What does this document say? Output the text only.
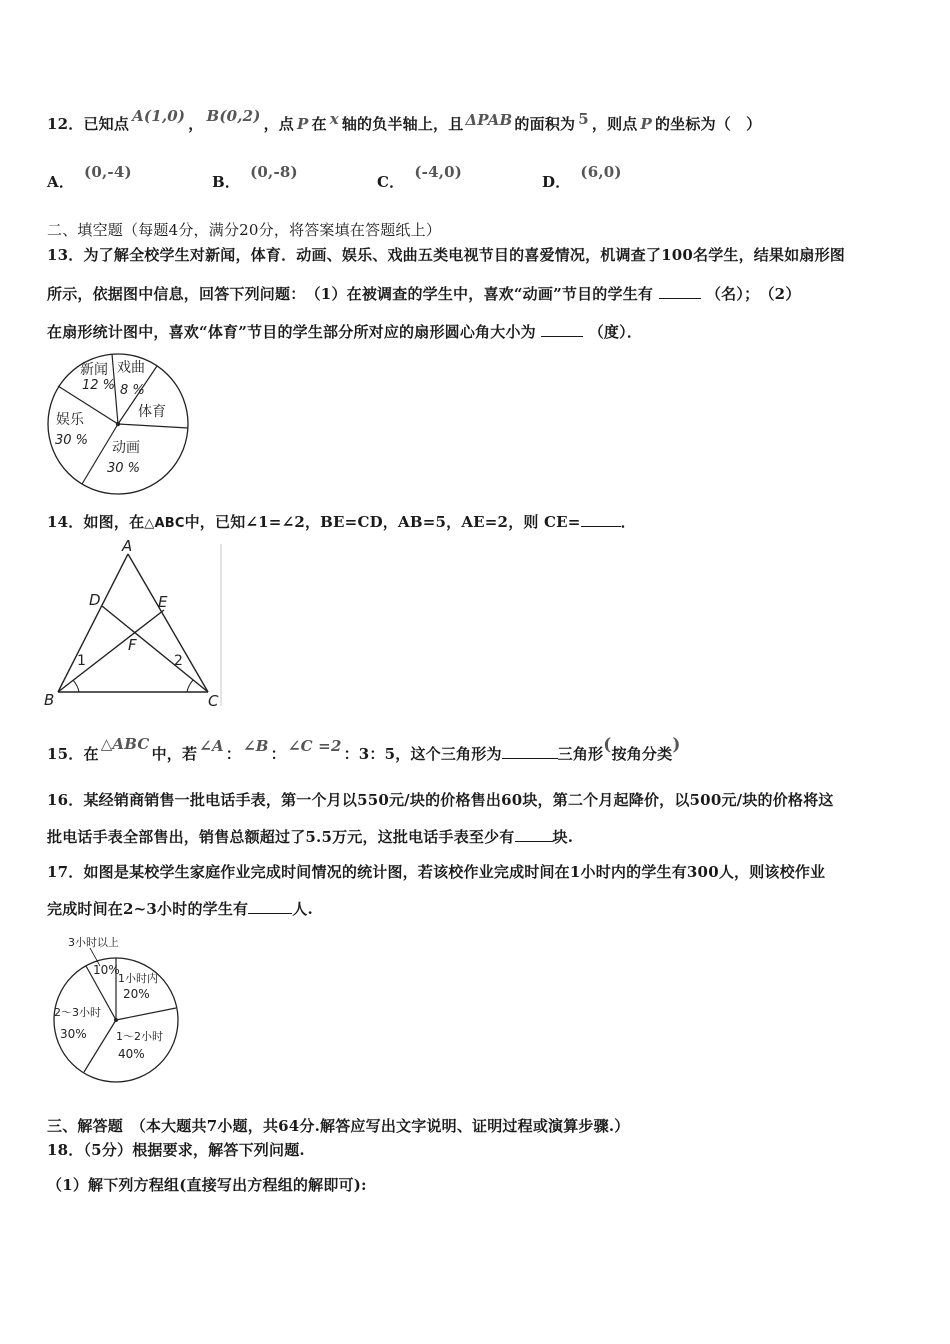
12．已知点 A(1,0) ， B(0,2) ，点 P 在 x 轴的负半轴上，且 ΔPAB 的面积为 5 ，则点 P 的坐标为（　）
A．(0,-4)
B．(0,-8)
C．(-4,0)
D．(6,0)
二、填空题（每题4分，满分20分，将答案填在答题纸上）
13．为了解全校学生对新闻，体育．动画、娱乐、戏曲五类电视节目的喜爱情况，机调查了100名学生，结果如扇形图
所示，依据图中信息，回答下列问题：　（1）在被调查的学生中，喜欢“动画”节目的学生有	（名）；　（2）
在扇形统计图中，喜欢“体育”节目的学生部分所对应的扇形圆心角大小为	（度）．
新闻
12 %
戏曲
8 %
体育
动画
30 %
娱乐
30 %
14．如图，在△ABC中，已知∠1=∠2，BE=CD，AB=5，AE=2，则 CE=	．
A
B	C
D	E
F
1	2
15．在△ABC中，若 ∠A ： ∠B ： ∠C =2 ：3：5，这个三角形为	三角形(按角分类)
16．某经销商销售一批电话手表，第一个月以550元/块的价格售出60块，第二个月起降价，以500元/块的价格将这
批电话手表全部售出，销售总额超过了5.5万元，这批电话手表至少有	块.
17．如图是某校学生家庭作业完成时间情况的统计图，若该校作业完成时间在1小时内的学生有300人，则该校作业
完成时间在2~3小时的学生有	人.
3小时以上
10%
1小时内
20%
1～2小时
40%
2～3小时
30%
三、解答题　（本大题共7小题，共64分.解答应写出文字说明、证明过程或演算步骤.）
18．（5分）根据要求，解答下列问题.
（1）解下列方程组(直接写出方程组的解即可):
